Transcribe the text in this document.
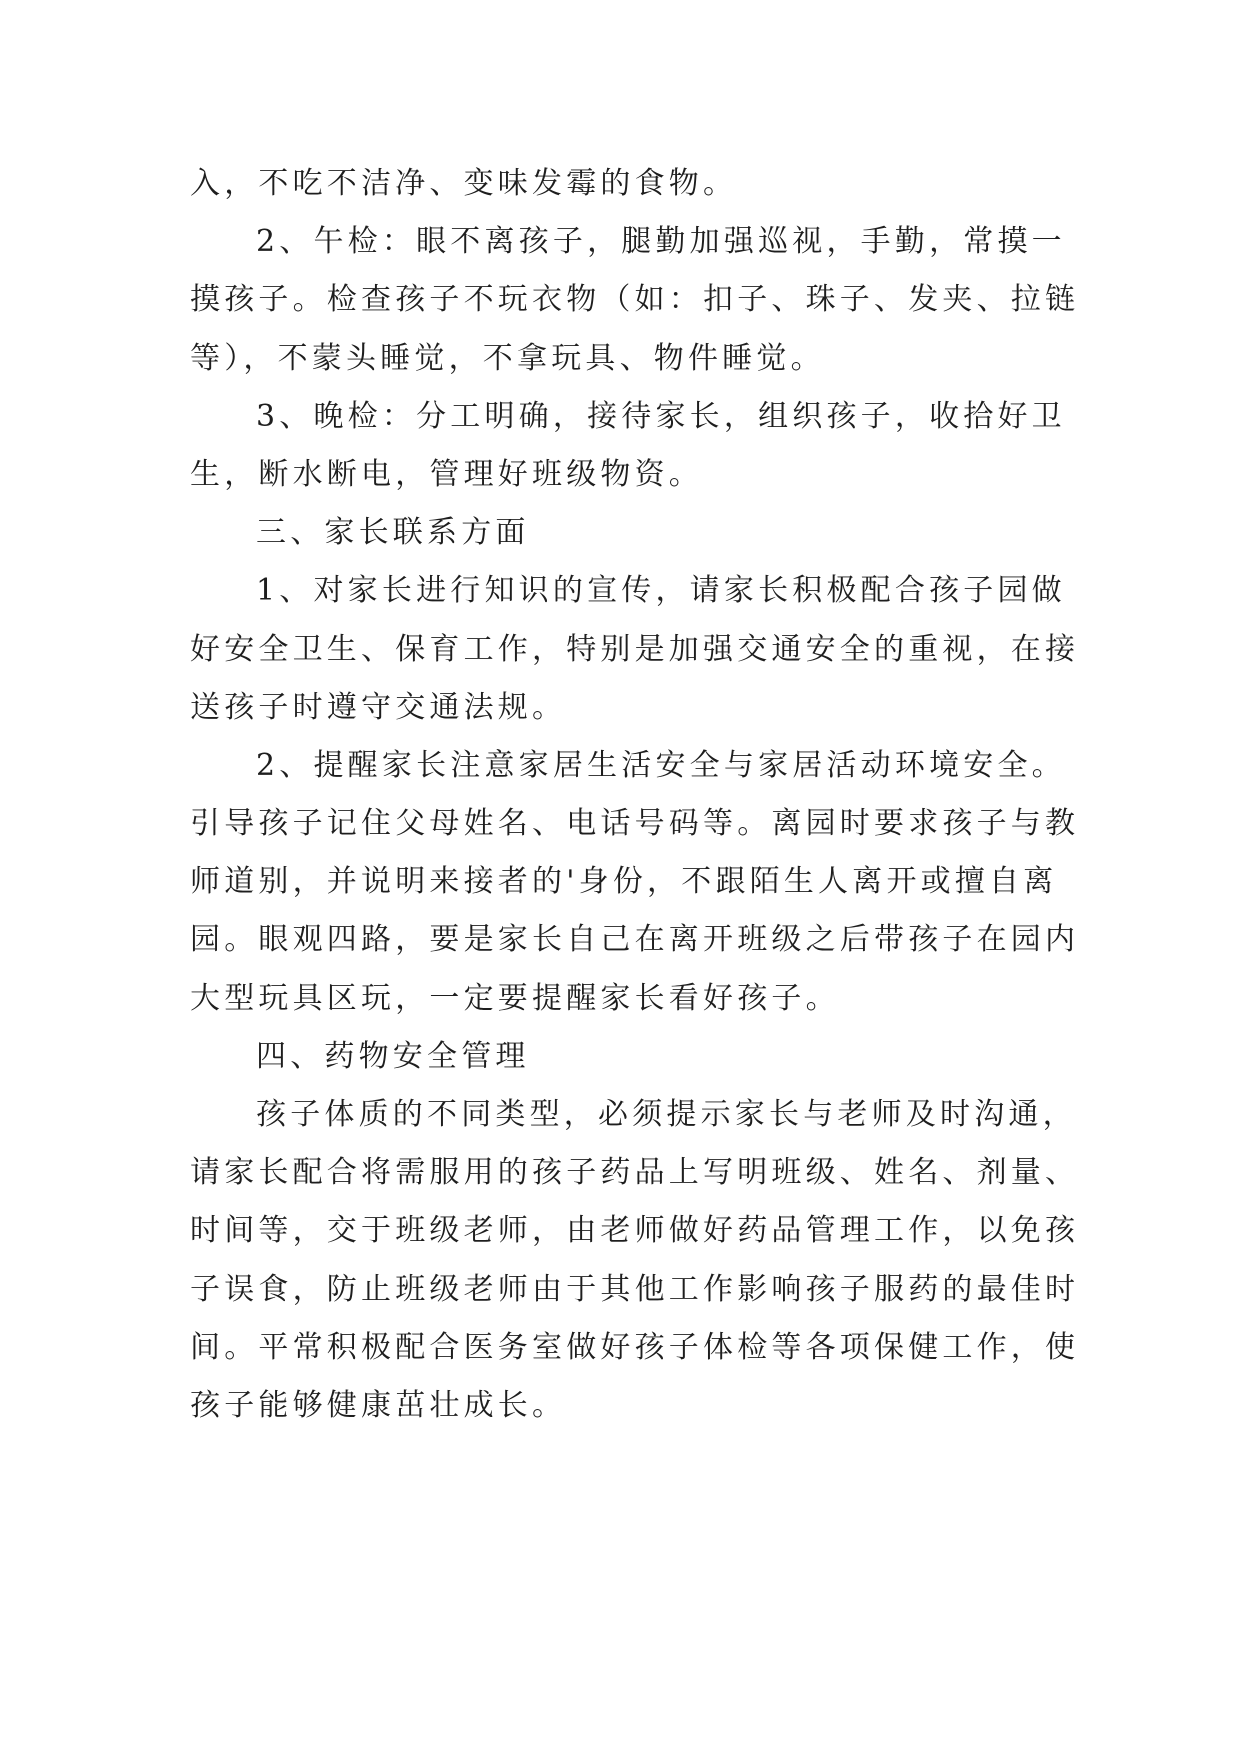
入，不吃不洁净、变味发霉的食物。
2、午检：眼不离孩子，腿勤加强巡视，手勤，常摸一
摸孩子。检查孩子不玩衣物（如：扣子、珠子、发夹、拉链
等），不蒙头睡觉，不拿玩具、物件睡觉。
3、晚检：分工明确，接待家长，组织孩子，收拾好卫
生，断水断电，管理好班级物资。
三、家长联系方面
1、对家长进行知识的宣传，请家长积极配合孩子园做
好安全卫生、保育工作，特别是加强交通安全的重视，在接
送孩子时遵守交通法规。
2、提醒家长注意家居生活安全与家居活动环境安全。
引导孩子记住父母姓名、电话号码等。离园时要求孩子与教
师道别，并说明来接者的'身份，不跟陌生人离开或擅自离
园。眼观四路，要是家长自己在离开班级之后带孩子在园内
大型玩具区玩，一定要提醒家长看好孩子。
四、药物安全管理
孩子体质的不同类型，必须提示家长与老师及时沟通，
请家长配合将需服用的孩子药品上写明班级、姓名、剂量、
时间等，交于班级老师，由老师做好药品管理工作，以免孩
子误食，防止班级老师由于其他工作影响孩子服药的最佳时
间。平常积极配合医务室做好孩子体检等各项保健工作，使
孩子能够健康茁壮成长。
